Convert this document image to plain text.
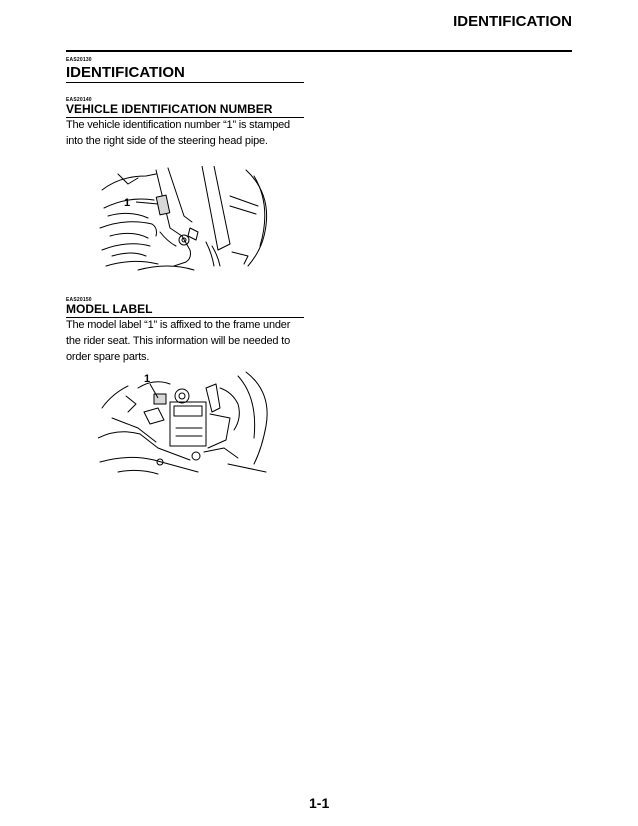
IDENTIFICATION
EAS20130
IDENTIFICATION
EAS20140
VEHICLE IDENTIFICATION NUMBER
The vehicle identification number “1” is stamped
into the right side of the steering head pipe.
1
EAS20150
MODEL LABEL
The model label “1” is affixed to the frame under
the rider seat. This information will be needed to
order spare parts.
1
1-1
